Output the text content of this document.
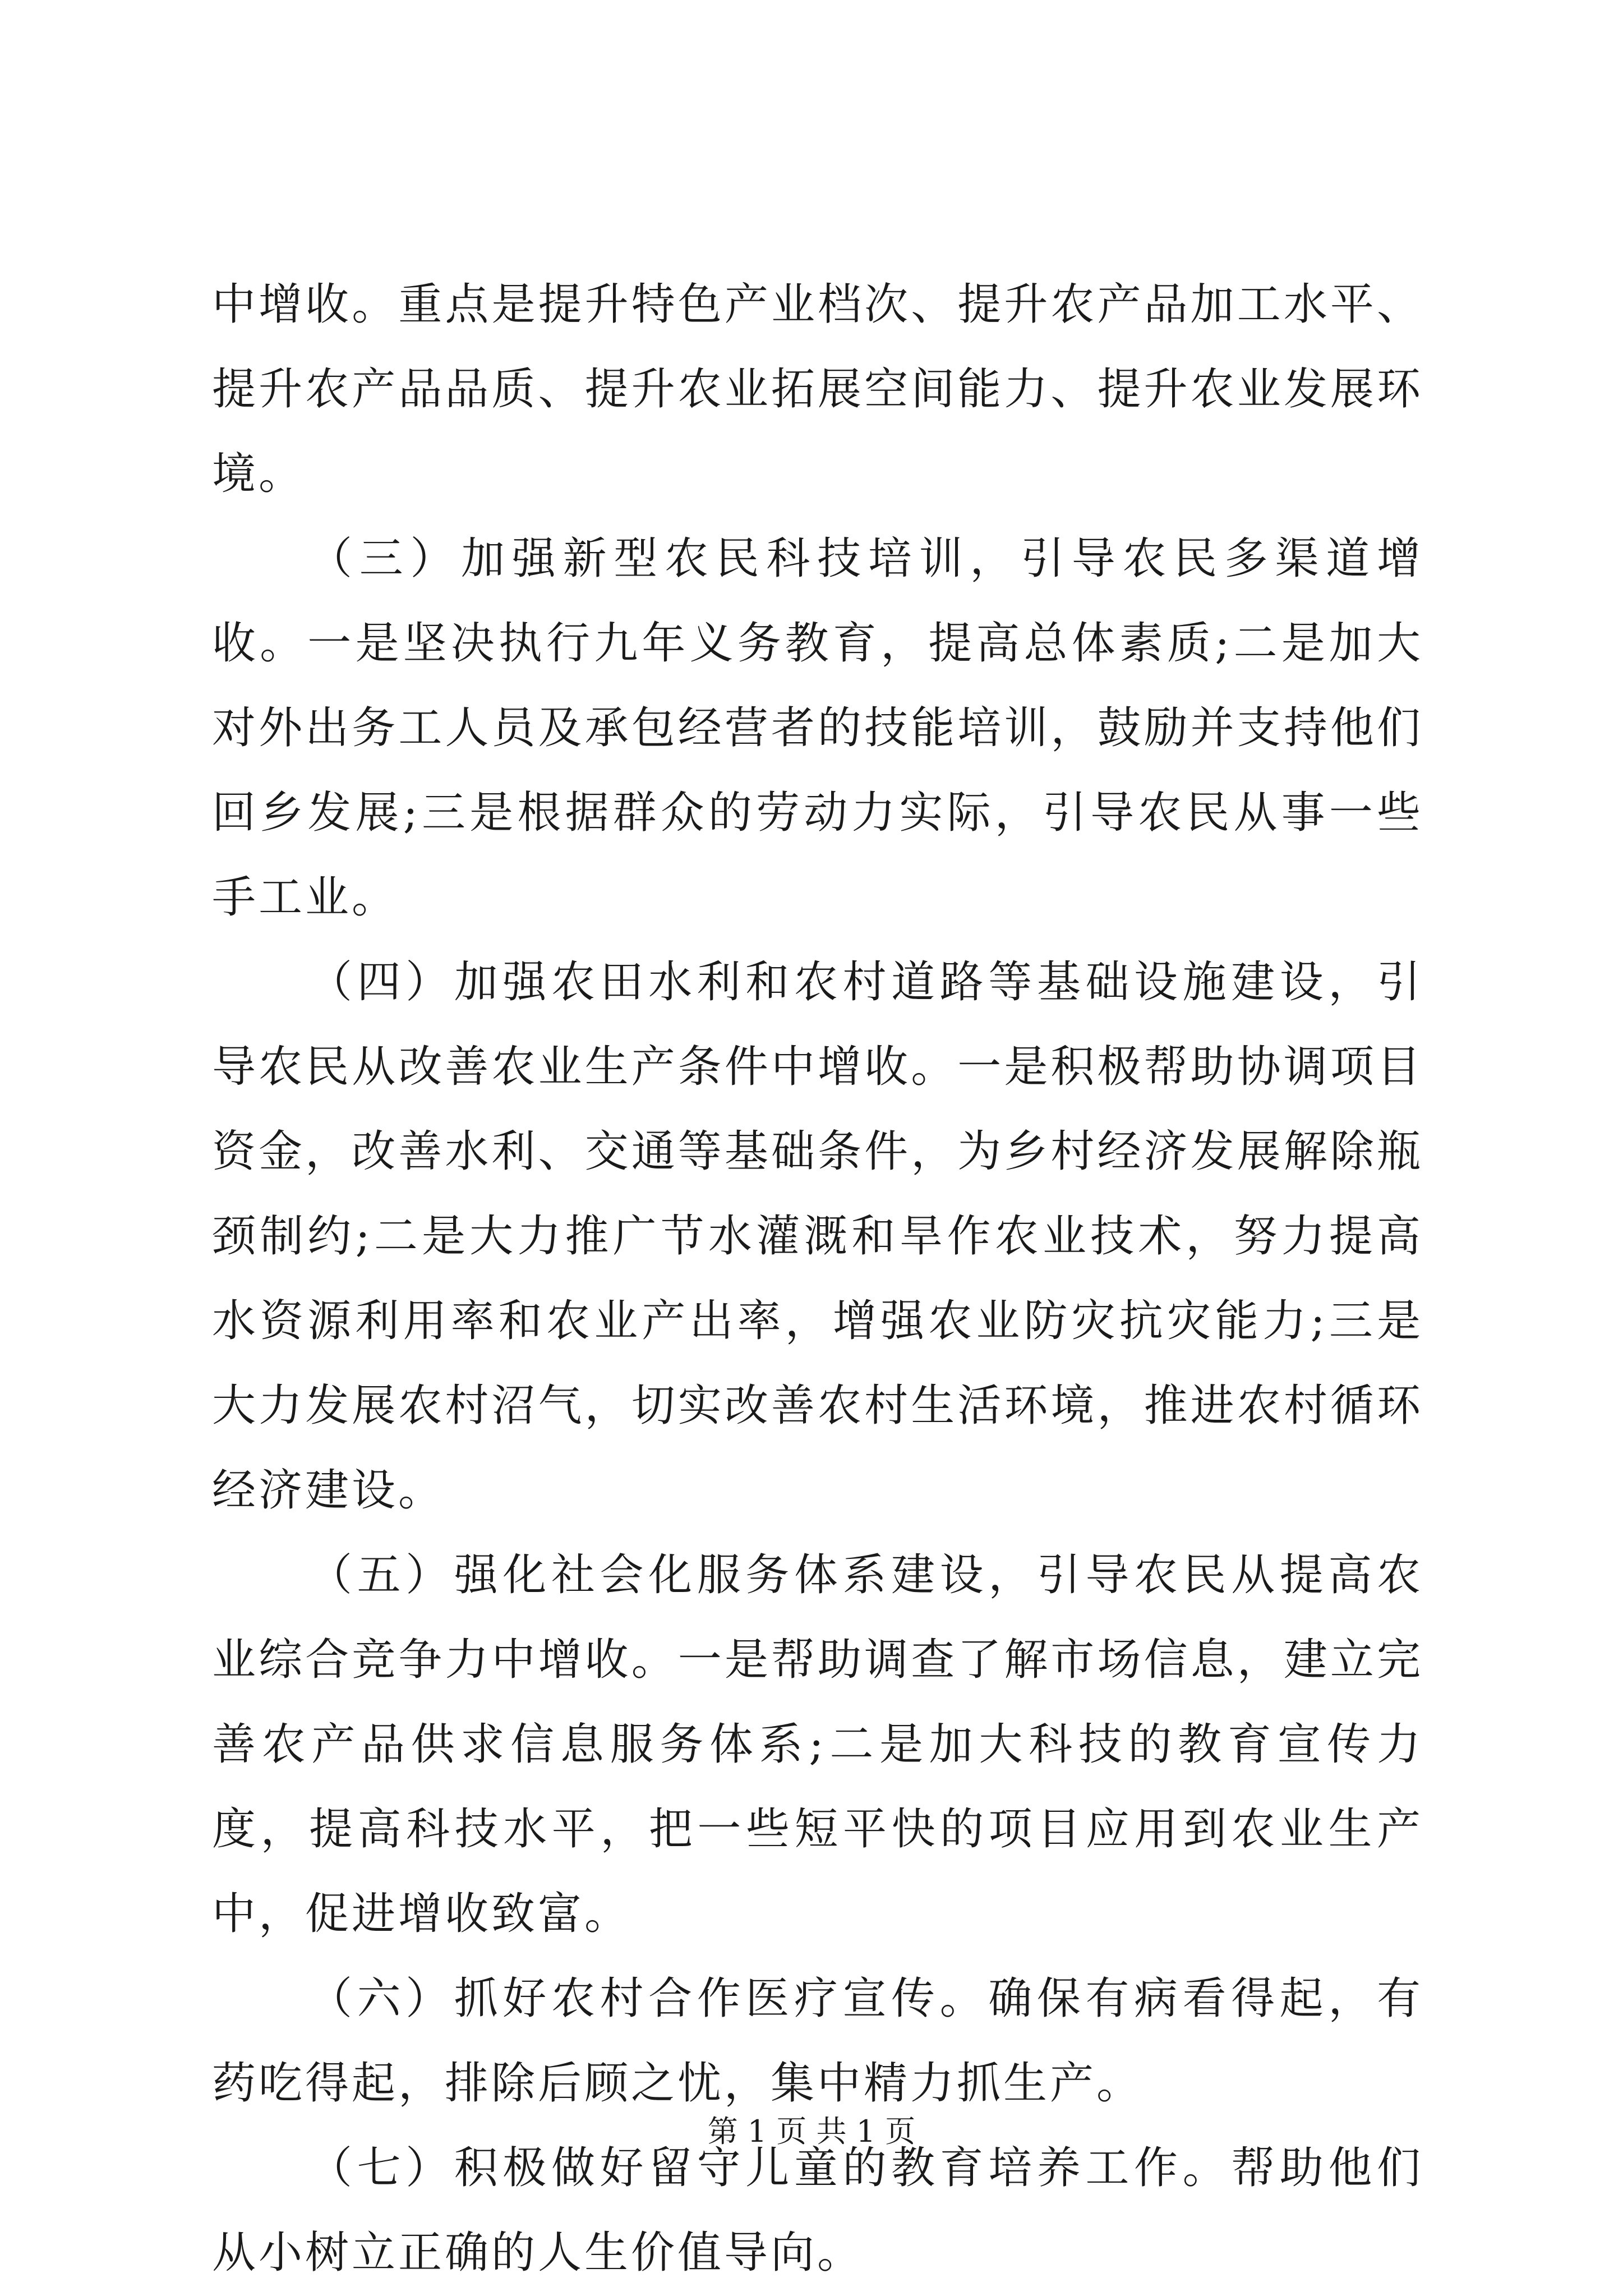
中增收。重点是提升特色产业档次、提升农产品加工水平、提升农产品品质、提升农业拓展空间能力、提升农业发展环境。

（三）加强新型农民科技培训，引导农民多渠道增收。一是坚决执行九年义务教育，提高总体素质;二是加大对外出务工人员及承包经营者的技能培训，鼓励并支持他们回乡发展;三是根据群众的劳动力实际，引导农民从事一些手工业。

（四）加强农田水利和农村道路等基础设施建设，引导农民从改善农业生产条件中增收。一是积极帮助协调项目资金，改善水利、交通等基础条件，为乡村经济发展解除瓶颈制约;二是大力推广节水灌溉和旱作农业技术，努力提高水资源利用率和农业产出率，增强农业防灾抗灾能力;三是大力发展农村沼气，切实改善农村生活环境，推进农村循环经济建设。

（五）强化社会化服务体系建设，引导农民从提高农业综合竞争力中增收。一是帮助调查了解市场信息，建立完善农产品供求信息服务体系;二是加大科技的教育宣传力度，提高科技水平，把一些短平快的项目应用到农业生产中，促进增收致富。

（六）抓好农村合作医疗宣传。确保有病看得起，有药吃得起，排除后顾之忧，集中精力抓生产。

（七）积极做好留守儿童的教育培养工作。帮助他们从小树立正确的人生价值导向。

第 1 页 共 1 页
